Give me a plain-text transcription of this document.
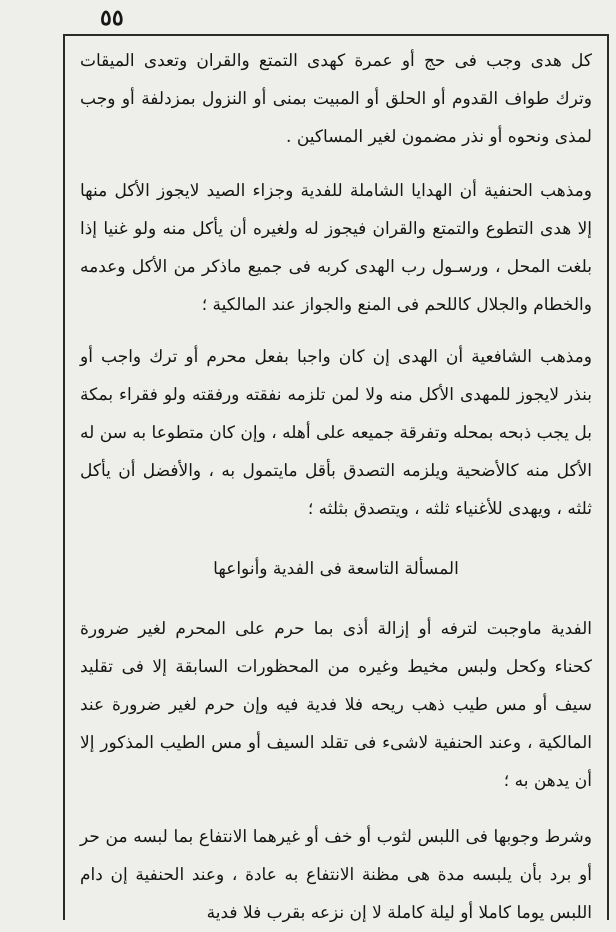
٥٥

كل هدى وجب فى حج أو عمرة كهدى التمتع والقران وتعدى الميقات وترك طواف القدوم أو الحلق أو المبيت بمنى أو النزول بمزدلفة أو وجب لمذى ونحوه أو نذر مضمون لغير المساكين .

ومذهب الحنفية أن الهدايا الشاملة للفدية وجزاء الصيد لايجوز الأكل منها إلا هدى التطوع والتمتع والقران فيجوز له ولغيره أن يأكل منه ولو غنيا إذا بلغت المحل ، ورسـول رب الهدى كربه فى جميع ماذكر من الأكل وعدمه والخطام والجلال كاللحم فى المنع والجواز عند المالكية ؛

ومذهب الشافعية أن الهدى إن كان واجبا بفعل محرم أو ترك واجب أو بنذر لايجوز للمهدى الأكل منه ولا لمن تلزمه نفقته ورفقته ولو فقراء بمكة بل يجب ذبحه بمحله وتفرقة جميعه على أهله ، وإن كان متطوعا به سن له الأكل منه كالأضحية ويلزمه التصدق بأقل مايتمول به ، والأفضل أن يأكل ثلثه ، ويهدى للأغنياء ثلثه ، ويتصدق بثلثه ؛

المسألة التاسعة فى الفدية وأنواعها

الفدية ماوجبت لترفه أو إزالة أذى بما حرم على المحرم لغير ضرورة كحناء وكحل ولبس مخيط وغيره من المحظورات السابقة إلا فى تقليد سيف أو مس طيب ذهب ريحه فلا فدية فيه وإن حرم لغير ضرورة عند المالكية ، وعند الحنفية لاشىء فى تقلد السيف أو مس الطيب المذكور إلا أن يدهن به ؛

وشرط وجوبها فى اللبس لثوب أو خف أو غيرهما الانتفاع بما لبسه من حر أو برد بأن يلبسه مدة هى مظنة الانتفاع به عادة ، وعند الحنفية إن دام اللبس يوما كاملا أو ليلة كاملة لا إن نزعه بقرب فلا فدية
